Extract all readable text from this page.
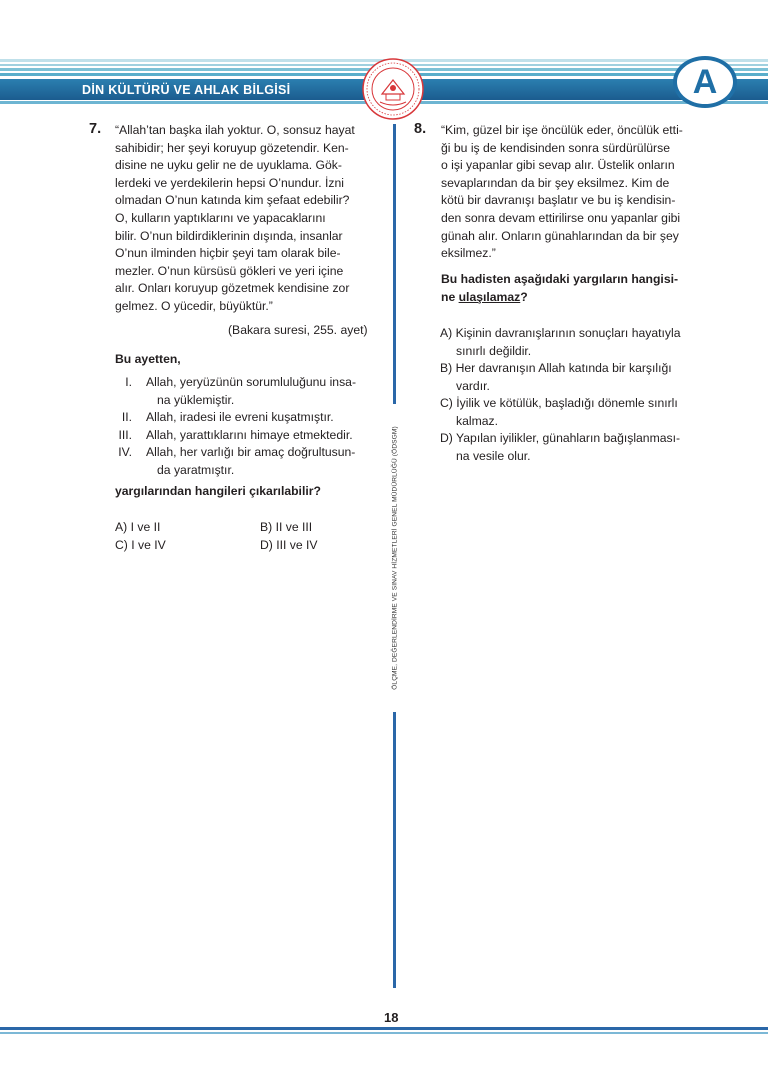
DİN KÜLTÜRÜ VE AHLAK BİLGİSİ	A
ÖLÇME, DEĞERLENDİRME VE SINAV HİZMETLERİ GENEL MÜDÜRLÜĞÜ (ÖDSGM)
7. “Allah’tan başka ilah yoktur. O, sonsuz hayat
sahibidir; her şeyi koruyup gözetendir. Ken-
disine ne uyku gelir ne de uyuklama. Gök-
lerdeki ve yerdekilerin hepsi O’nundur. İzni
olmadan O’nun katında kim şefaat edebilir?
O, kulların yaptıklarını ve yapacaklarını
bilir. O’nun bildirdiklerinin dışında, insanlar
O’nun ilminden hiçbir şeyi tam olarak bile-
mezler. O’nun kürsüsü gökleri ve yeri içine
alır. Onları koruyup gözetmek kendisine zor
gelmez. O yücedir, büyüktür.”
(Bakara suresi, 255. ayet)
Bu ayetten,
I. Allah, yeryüzünün sorumluluğunu insa-
na yüklemiştir.
II. Allah, iradesi ile evreni kuşatmıştır.
III. Allah, yarattıklarını himaye etmektedir.
IV. Allah, her varlığı bir amaç doğrultusun-
da yaratmıştır.
yargılarından hangileri çıkarılabilir?
A) I ve II	B) II ve III
C) I ve IV	D) III ve IV
8. “Kim, güzel bir işe öncülük eder, öncülük etti-
ği bu iş de kendisinden sonra sürdürülürse
o işi yapanlar gibi sevap alır. Üstelik onların
sevaplarından da bir şey eksilmez. Kim de
kötü bir davranışı başlatır ve bu iş kendisin-
den sonra devam ettirilirse onu yapanlar gibi
günah alır. Onların günahlarından da bir şey
eksilmez.”
Bu hadisten aşağıdaki yargıların hangisi-
ne ulaşılamaz?
A) Kişinin davranışlarının sonuçları hayatıyla
sınırlı değildir.
B) Her davranışın Allah katında bir karşılığı
vardır.
C) İyilik ve kötülük, başladığı dönemle sınırlı
kalmaz.
D) Yapılan iyilikler, günahların bağışlanması-
na vesile olur.
18
